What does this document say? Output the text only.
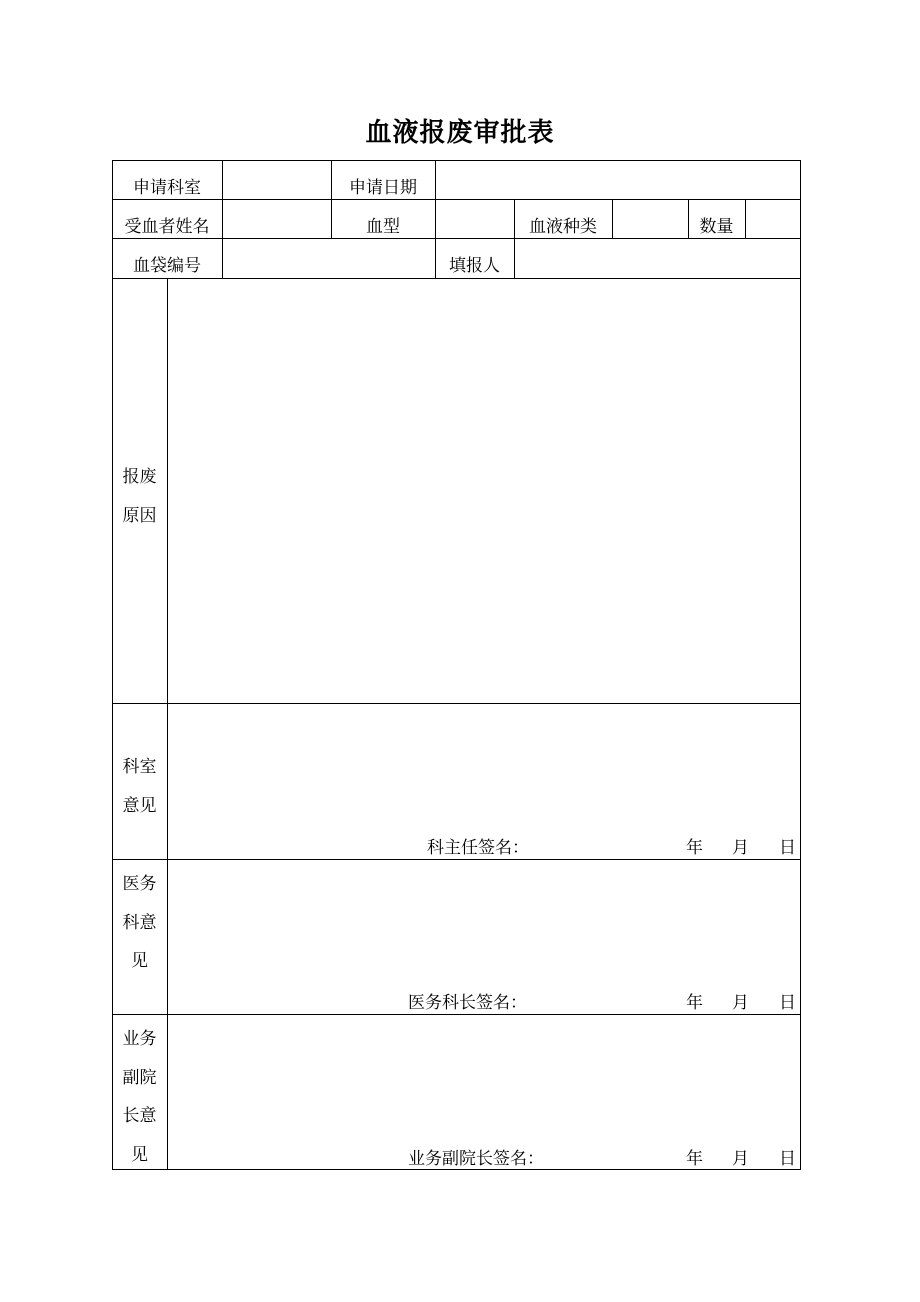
血液报废审批表
申请科室	申请日期
受血者姓名	血型	血液种类	数量
血袋编号	填报人
报废
原因
科室
意见
科主任签名：	年 月 日
医务
科意
见
医务科长签名：	年 月 日
业务
副院
长意
见	业务副院长签名：	年 月 日
